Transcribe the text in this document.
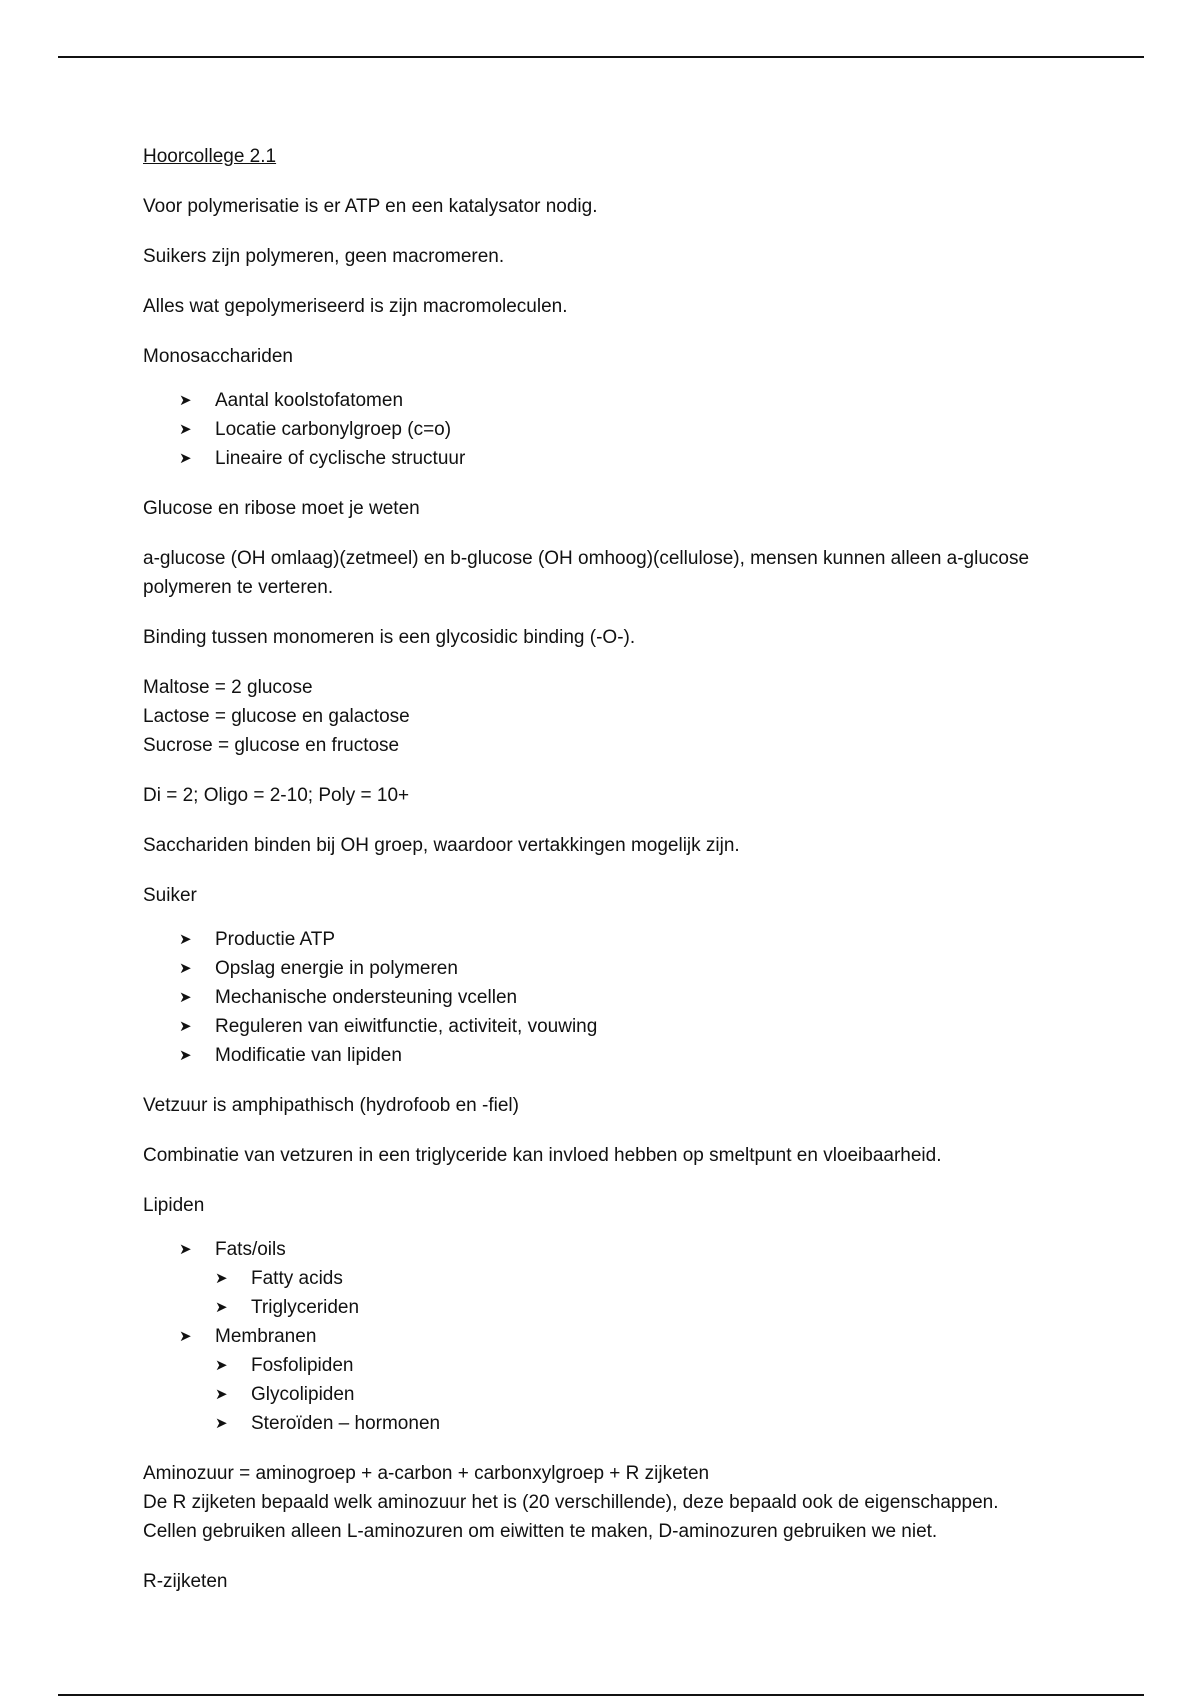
Hoorcollege 2.1

Voor polymerisatie is er ATP en een katalysator nodig.

Suikers zijn polymeren, geen macromeren.

Alles wat gepolymeriseerd is zijn macromoleculen.

Monosacchariden

➤ Aantal koolstofatomen
➤ Locatie carbonylgroep (c=o)
➤ Lineaire of cyclische structuur

Glucose en ribose moet je weten

a-glucose (OH omlaag)(zetmeel) en b-glucose (OH omhoog)(cellulose), mensen kunnen alleen a-glucose polymeren te verteren.

Binding tussen monomeren is een glycosidic binding (-O-).

Maltose = 2 glucose

Lactose = glucose en galactose

Sucrose = glucose en fructose

Di = 2; Oligo = 2-10; Poly = 10+

Sacchariden binden bij OH groep, waardoor vertakkingen mogelijk zijn.

Suiker

➤ Productie ATP
➤ Opslag energie in polymeren
➤ Mechanische ondersteuning vcellen
➤ Reguleren van eiwitfunctie, activiteit, vouwing
➤ Modificatie van lipiden

Vetzuur is amphipathisch (hydrofoob en -fiel)

Combinatie van vetzuren in een triglyceride kan invloed hebben op smeltpunt en vloeibaarheid.

Lipiden

➤ Fats/oils
➤ Fatty acids
➤ Triglyceriden
➤ Membranen
➤ Fosfolipiden
➤ Glycolipiden
➤ Steroïden – hormonen

Aminozuur = aminogroep + a-carbon + carbonxylgroep + R zijketen

De R zijketen bepaald welk aminozuur het is (20 verschillende), deze bepaald ook de eigenschappen.

Cellen gebruiken alleen L-aminozuren om eiwitten te maken, D-aminozuren gebruiken we niet.

R-zijketen
